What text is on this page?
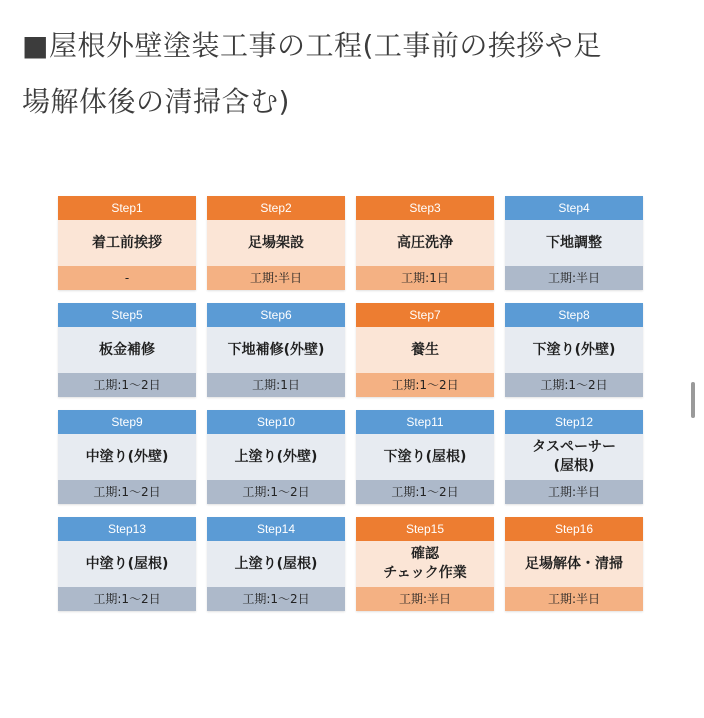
■屋根外壁塗装工事の工程(工事前の挨拶や足
場解体後の清掃含む)
Step1
着工前挨拶
-
Step2
足場架設
工期:半日
Step3
高圧洗浄
工期:1日
Step4
下地調整
工期:半日
Step5
板金補修
工期:1〜2日
Step6
下地補修(外壁)
工期:1日
Step7
養生
工期:1〜2日
Step8
下塗り(外壁)
工期:1〜2日
Step9
中塗り(外壁)
工期:1〜2日
Step10
上塗り(外壁)
工期:1〜2日
Step11
下塗り(屋根)
工期:1〜2日
Step12
タスペーサー
(屋根)
工期:半日
Step13
中塗り(屋根)
工期:1〜2日
Step14
上塗り(屋根)
工期:1〜2日
Step15
確認
チェック作業
工期:半日
Step16
足場解体・清掃
工期:半日
